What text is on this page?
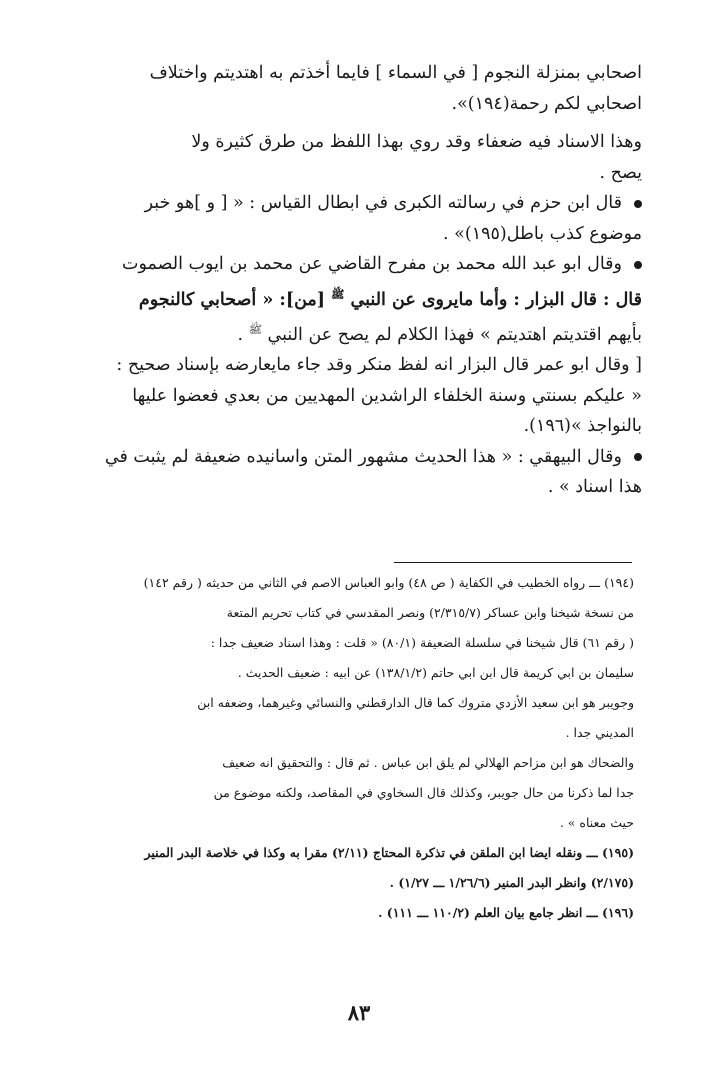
اصحابي بمنزلة النجوم [ في السماء ] فايما أخذتم به اهتديتم واختلاف
اصحابي لكم رحمة(١٩٤)».

وهذا الاسناد فيه ضعفاء وقد روي بهذا اللفظ من طرق كثيرة ولا
يصح .

قال ابن حزم في رسالته الكبرى في ابطال القياس : « [ و ]هو خبر
موضوع كذب باطل(١٩٥)» .

وقال ابو عبد الله محمد بن مفرح القاضي عن محمد بن ايوب الصموت
قال : قال البزار : وأما مايروى عن النبي $^ﷺ$ [من]: « أصحابي كالنجوم
بأيهم اقتديتم اهتديتم » فهذا الكلام لم يصح عن النبي $^ﷺ$ .

[ وقال ابو عمر قال البزار انه لفظ منكر وقد جاء مايعارضه بإسناد صحيح :
« عليكم بسنتي وسنة الخلفاء الراشدين المهديين من بعدي فعضوا عليها
بالنواجذ »(١٩٦).

وقال البيهقي : « هذا الحديث مشهور المتن واسانيده ضعيفة لم يثبت في
هذا اسناد » .

(١٩٤) ـــ رواه الخطيب في الكفاية ( ص ٤٨) وابو العباس الاصم في الثاني من حديثه ( رقم ١٤٢)
من نسخة شيخنا وابن عساكر (٢/٣١٥/٧) ونصر المقدسي في كتاب تحريم المتعة
( رقم ٦١) قال شيخنا في سلسلة الضعيفة (٨٠/١) « قلت : وهذا اسناد ضعيف جدا :
سليمان بن ابي كريمة قال ابن ابي حاتم (١٣٨/١/٢) عن ابيه : ضعيف الحديث .
وجويبر هو ابن سعيد الأزدي متروك كما قال الدارقطني والنسائي وغيرهما، وضعفه ابن
المديني جدا .
والضحاك هو ابن مزاحم الهلالي لم يلق ابن عباس . ثم قال : والتحقيق انه ضعيف
جدا لما ذكرنا من حال جويبر، وكذلك قال السخاوي في المقاصد، ولكنه موضوع من
حيث معناه » .

(١٩٥) ـــ ونقله ايضا ابن الملقن في تذكرة المحتاج (٢/١١) مقرا به وكذا في خلاصة البدر المنير
(٢/١٧٥) وانظر البدر المنير (١/٢٦/٦ ـــ ١/٢٧) .

(١٩٦) ـــ انظر جامع بيان العلم (١١٠/٢ ـــ ١١١) .

٨٣
